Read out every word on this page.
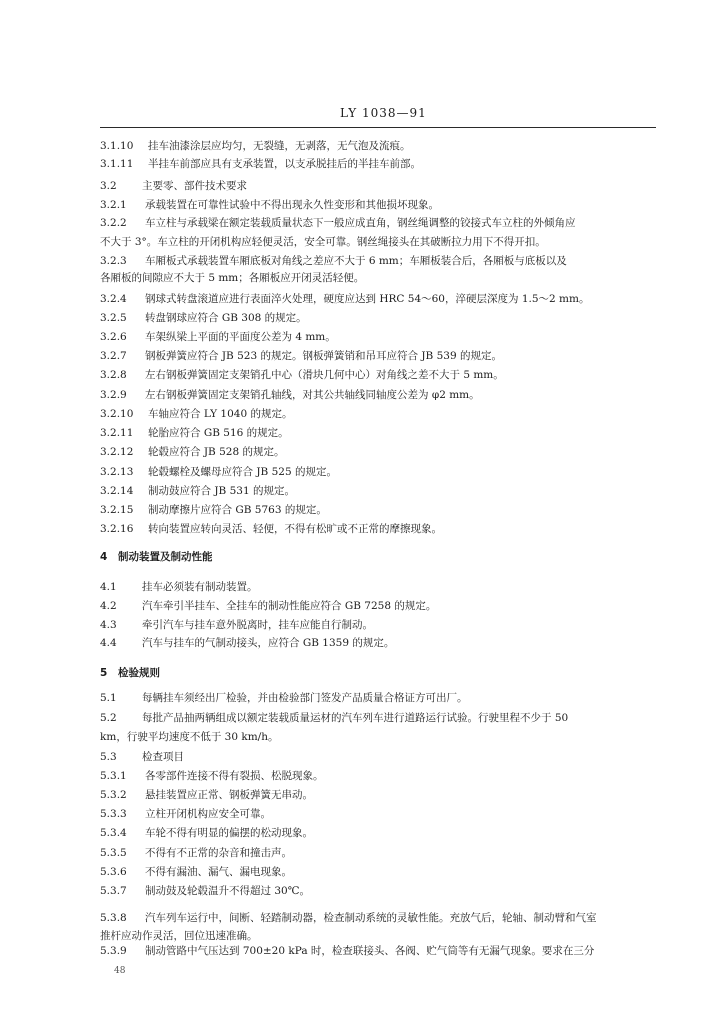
LY 1038—91
3.1.10 挂车油漆涂层应均匀，无裂缝，无剥落，无气泡及流痕。
3.1.11 半挂车前部应具有支承装置，以支承脱挂后的半挂车前部。
3.2 主要零、部件技术要求
3.2.1 承载装置在可靠性试验中不得出现永久性变形和其他损坏现象。
3.2.2 车立柱与承载梁在额定装载质量状态下一般应成直角，钢丝绳调整的铰接式车立柱的外倾角应
不大于 3°。车立柱的开闭机构应轻便灵活，安全可靠。钢丝绳接头在其破断拉力用下不得开扣。
3.2.3 车厢板式承载装置车厢底板对角线之差应不大于 6 mm；车厢板装合后，各厢板与底板以及
各厢板的间隙应不大于 5 mm；各厢板应开闭灵活轻便。
3.2.4 钢球式转盘滚道应进行表面淬火处理，硬度应达到 HRC 54～60，淬硬层深度为 1.5～2 mm。
3.2.5 转盘钢球应符合 GB 308 的规定。
3.2.6 车架纵梁上平面的平面度公差为 4 mm。
3.2.7 钢板弹簧应符合 JB 523 的规定。钢板弹簧销和吊耳应符合 JB 539 的规定。
3.2.8 左右钢板弹簧固定支架销孔中心（滑块几何中心）对角线之差不大于 5 mm。
3.2.9 左右钢板弹簧固定支架销孔轴线，对其公共轴线同轴度公差为 φ2 mm。
3.2.10 车轴应符合 LY 1040 的规定。
3.2.11 轮胎应符合 GB 516 的规定。
3.2.12 轮毂应符合 JB 528 的规定。
3.2.13 轮毂螺栓及螺母应符合 JB 525 的规定。
3.2.14 制动鼓应符合 JB 531 的规定。
3.2.15 制动摩擦片应符合 GB 5763 的规定。
3.2.16 转向装置应转向灵活、轻便，不得有松旷或不正常的摩擦现象。
4 制动装置及制动性能
4.1 挂车必须装有制动装置。
4.2 汽车牵引半挂车、全挂车的制动性能应符合 GB 7258 的规定。
4.3 牵引汽车与挂车意外脱离时，挂车应能自行制动。
4.4 汽车与挂车的气制动接头，应符合 GB 1359 的规定。
5 检验规则
5.1 每辆挂车须经出厂检验，并由检验部门签发产品质量合格证方可出厂。
5.2 每批产品抽两辆组成以额定装载质量运材的汽车列车进行道路运行试验。行驶里程不少于 50
km，行驶平均速度不低于 30 km/h。
5.3 检查项目
5.3.1 各零部件连接不得有裂损、松脱现象。
5.3.2 悬挂装置应正常、钢板弹簧无串动。
5.3.3 立柱开闭机构应安全可靠。
5.3.4 车轮不得有明显的偏摆的松动现象。
5.3.5 不得有不正常的杂音和撞击声。
5.3.6 不得有漏油、漏气、漏电现象。
5.3.7 制动鼓及轮毂温升不得超过 30℃。
5.3.8 汽车列车运行中，间断、轻踏制动器，检查制动系统的灵敏性能。充放气后，轮轴、制动臂和气室
推杆应动作灵活，回位迅速准确。
5.3.9 制动管路中气压达到 700±20 kPa 时，检查联接头、各阀、贮气筒等有无漏气现象。要求在三分
48
